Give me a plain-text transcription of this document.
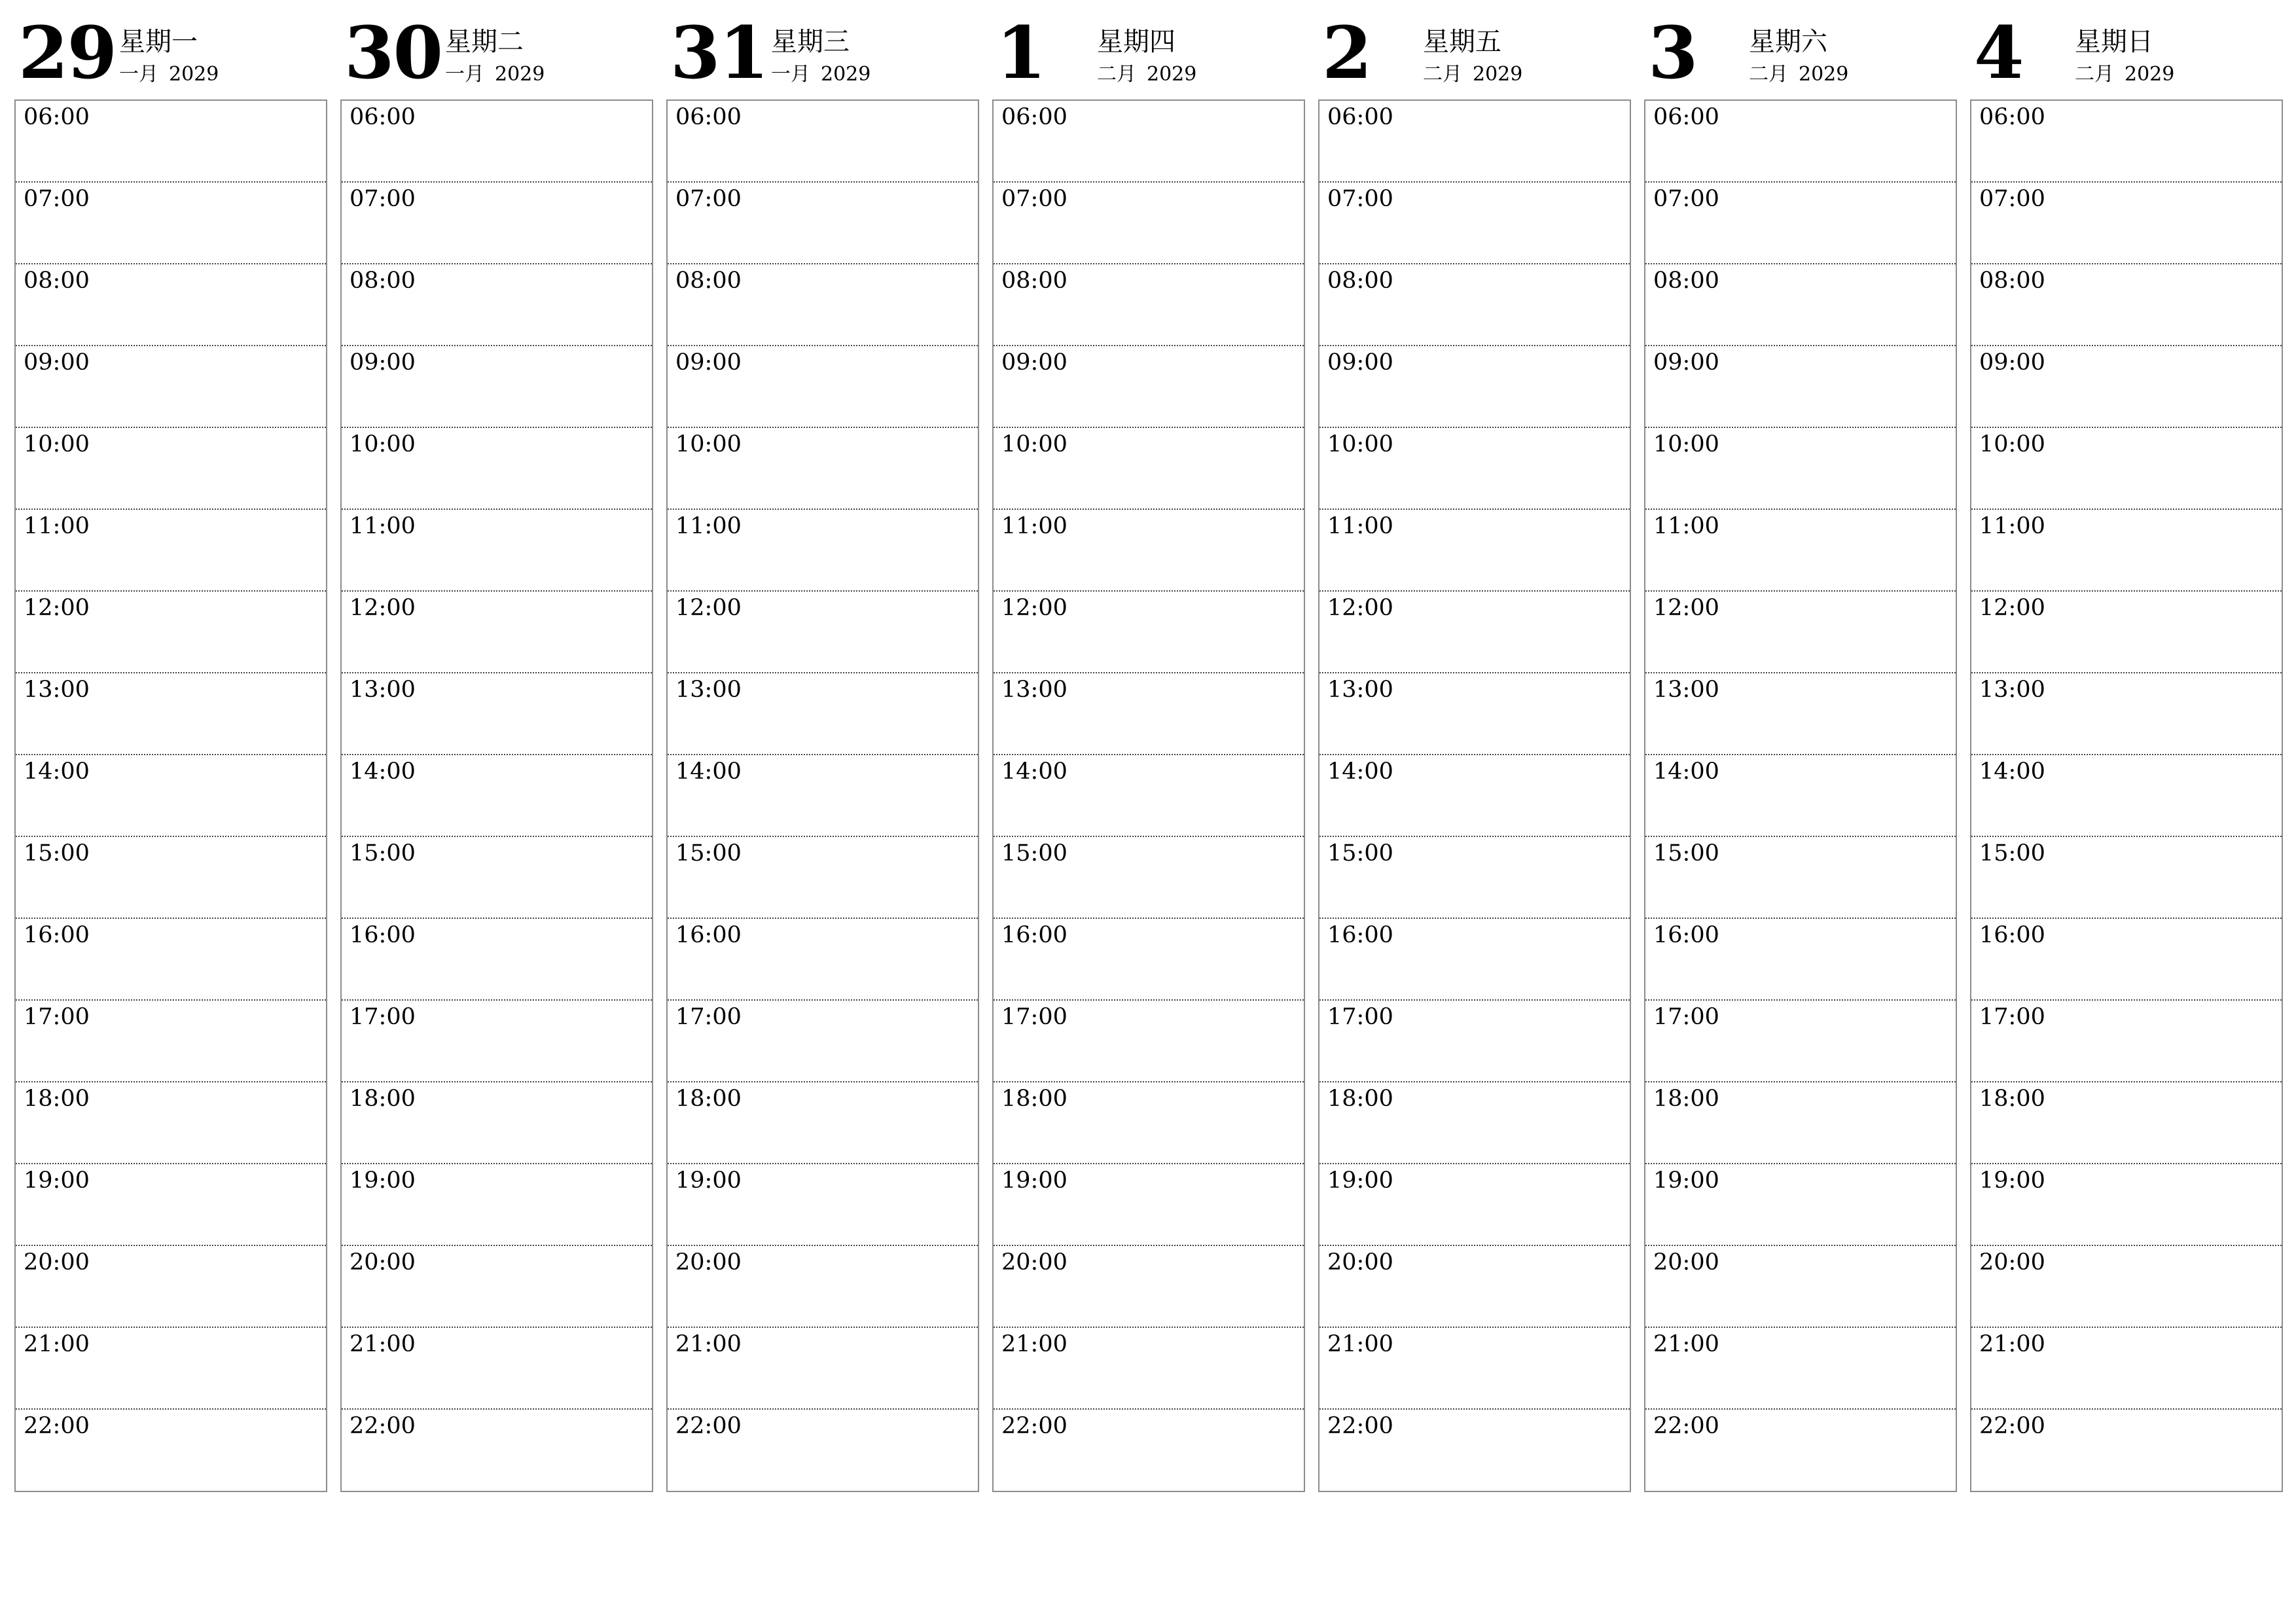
29 星期一
一月 2029
06:00
07:00
08:00
09:00
10:00
11:00
12:00
13:00
14:00
15:00
16:00
17:00
18:00
19:00
20:00
21:00
22:00
30 星期二
一月 2029
06:00
07:00
08:00
09:00
10:00
11:00
12:00
13:00
14:00
15:00
16:00
17:00
18:00
19:00
20:00
21:00
22:00
31 星期三
一月 2029
06:00
07:00
08:00
09:00
10:00
11:00
12:00
13:00
14:00
15:00
16:00
17:00
18:00
19:00
20:00
21:00
22:00
1 星期四
二月 2029
06:00
07:00
08:00
09:00
10:00
11:00
12:00
13:00
14:00
15:00
16:00
17:00
18:00
19:00
20:00
21:00
22:00
2 星期五
二月 2029
06:00
07:00
08:00
09:00
10:00
11:00
12:00
13:00
14:00
15:00
16:00
17:00
18:00
19:00
20:00
21:00
22:00
3 星期六
二月 2029
06:00
07:00
08:00
09:00
10:00
11:00
12:00
13:00
14:00
15:00
16:00
17:00
18:00
19:00
20:00
21:00
22:00
4 星期日
二月 2029
06:00
07:00
08:00
09:00
10:00
11:00
12:00
13:00
14:00
15:00
16:00
17:00
18:00
19:00
20:00
21:00
22:00
